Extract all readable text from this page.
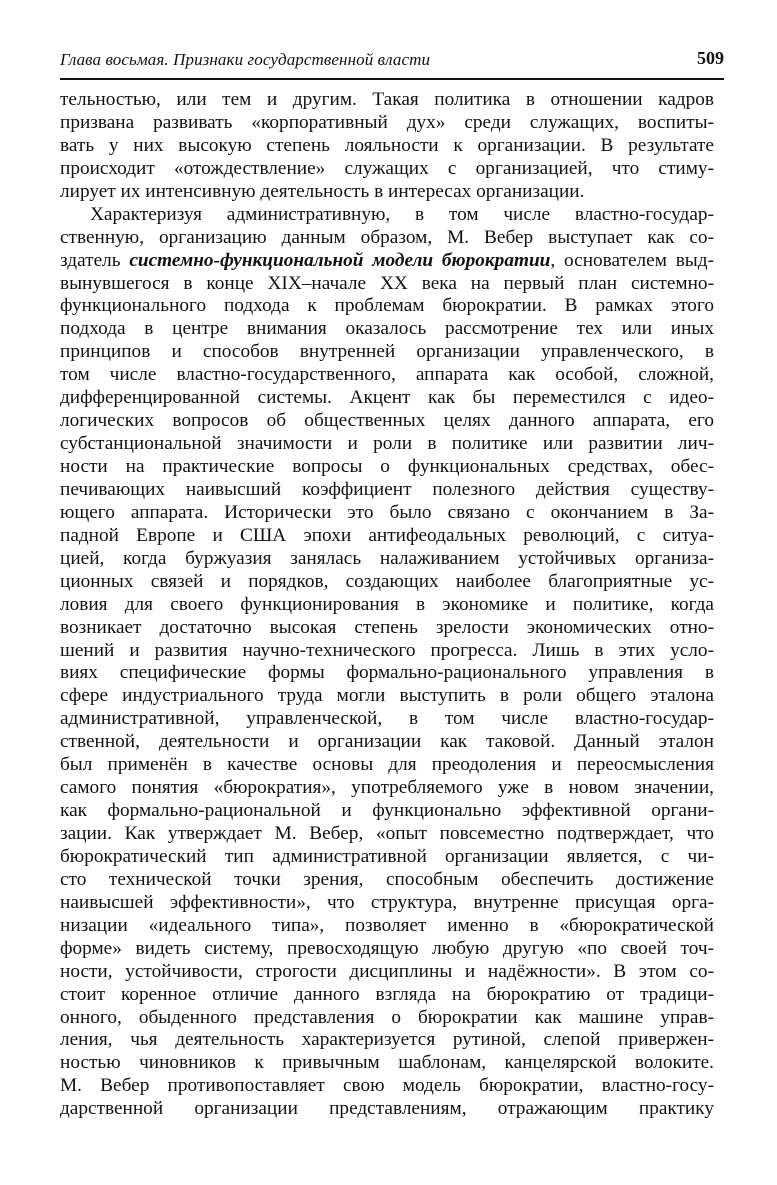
Глава восьмая. Признаки государственной власти	509
тельностью, или тем и другим. Такая политика в отношении кадров
призвана развивать «корпоративный дух» среди служащих, воспиты-
вать у них высокую степень лояльности к организации. В результате
происходит «отождествление» служащих с организацией, что стиму-
лирует их интенсивную деятельность в интересах организации.
Характеризуя административную, в том числе властно-государ-
ственную, организацию данным образом, М. Вебер выступает как со-
здатель системно-функциональной модели бюрократии, основателем выд-
вынувшегося в конце XIX–начале XX века на первый план системно-
функционального подхода к проблемам бюрократии. В рамках этого
подхода в центре внимания оказалось рассмотрение тех или иных
принципов и способов внутренней организации управленческого, в
том числе властно-государственного, аппарата как особой, сложной,
дифференцированной системы. Акцент как бы переместился с идео-
логических вопросов об общественных целях данного аппарата, его
субстанциональной значимости и роли в политике или развитии лич-
ности на практические вопросы о функциональных средствах, обес-
печивающих наивысший коэффициент полезного действия существу-
ющего аппарата. Исторически это было связано с окончанием в За-
падной Европе и США эпохи антифеодальных революций, с ситуа-
цией, когда буржуазия занялась налаживанием устойчивых организа-
ционных связей и порядков, создающих наиболее благоприятные ус-
ловия для своего функционирования в экономике и политике, когда
возникает достаточно высокая степень зрелости экономических отно-
шений и развития научно-технического прогресса. Лишь в этих усло-
виях специфические формы формально-рационального управления в
сфере индустриального труда могли выступить в роли общего эталона
административной, управленческой, в том числе властно-государ-
ственной, деятельности и организации как таковой. Данный эталон
был применён в качестве основы для преодоления и переосмысления
самого понятия «бюрократия», употребляемого уже в новом значении,
как формально-рациональной и функционально эффективной органи-
зации. Как утверждает М. Вебер, «опыт повсеместно подтверждает, что
бюрократический тип административной организации является, с чи-
сто технической точки зрения, способным обеспечить достижение
наивысшей эффективности», что структура, внутренне присущая орга-
низации «идеального типа», позволяет именно в «бюрократической
форме» видеть систему, превосходящую любую другую «по своей точ-
ности, устойчивости, строгости дисциплины и надёжности». В этом со-
стоит коренное отличие данного взгляда на бюрократию от традици-
онного, обыденного представления о бюрократии как машине управ-
ления, чья деятельность характеризуется рутиной, слепой привержен-
ностью чиновников к привычным шаблонам, канцелярской волоките.
М. Вебер противопоставляет свою модель бюрократии, властно-госу-
дарственной организации представлениям, отражающим практику
